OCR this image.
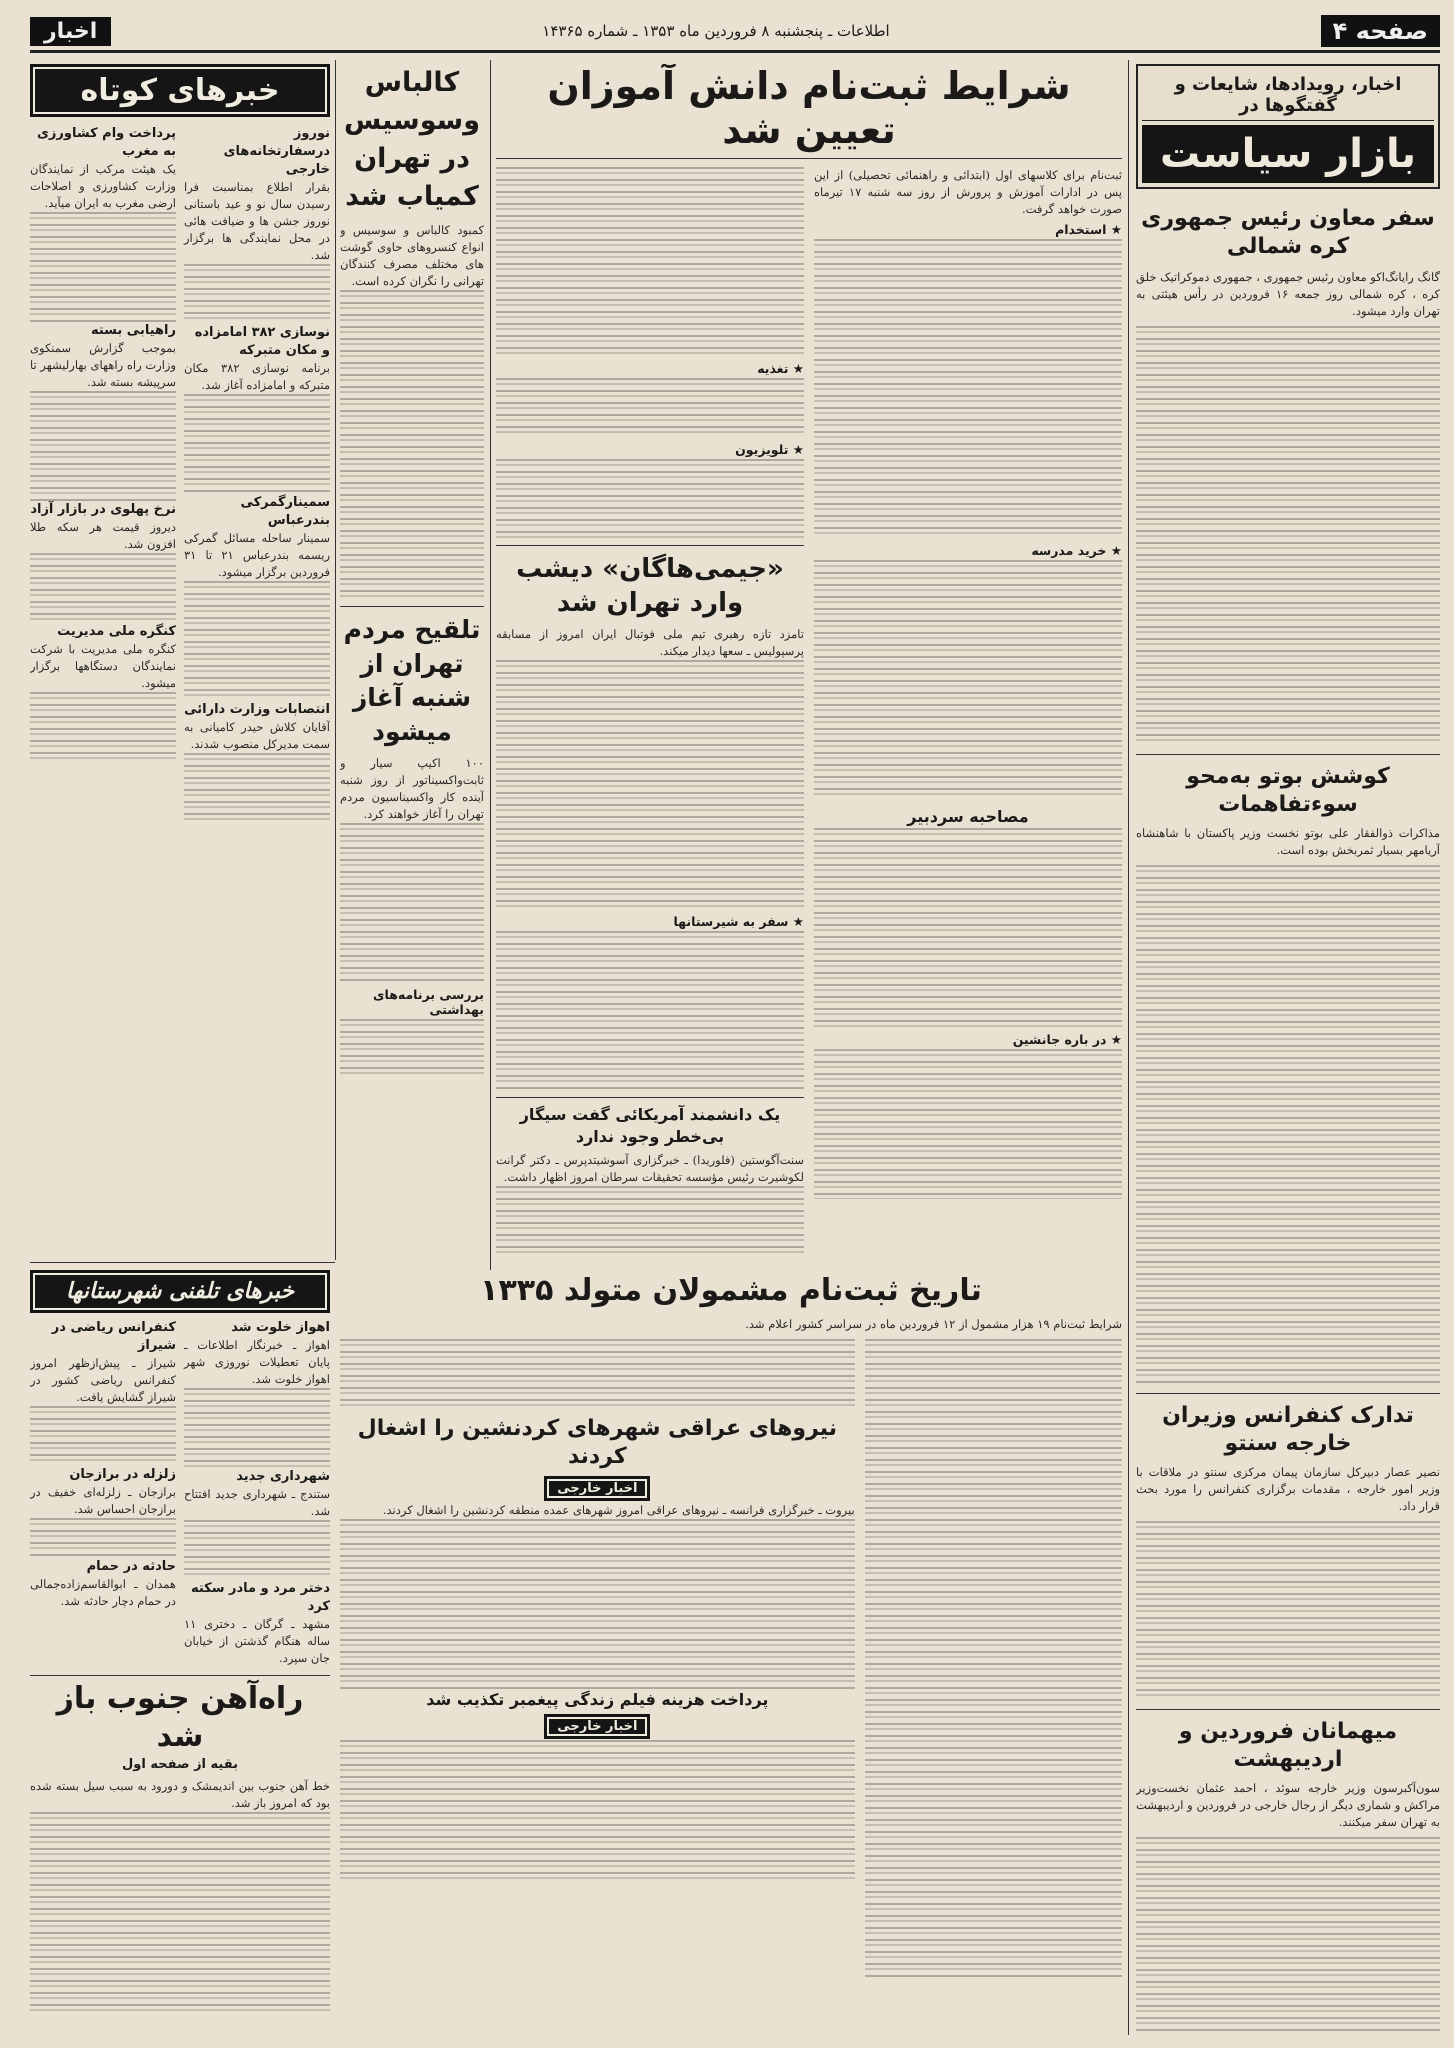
صفحه ۴
اطلاعات ـ پنجشنبه ۸ فروردین ماه ۱۳۵۳ ـ شماره ۱۴۳۶۵
اخبار
اخبار، رویدادها، شایعات و گفتگوها در
بازار سیاست
سفر معاون رئیس جمهوری کره شمالی
گانگ رایانگ‌اکو معاون رئیس جمهوری ، جمهوری دموکراتیک خلق کره ، کره شمالی روز جمعه ۱۶ فروردین در رأس هیئتی به تهران وارد میشود.
کوشش بوتو به‌محو سوءتفاهمات
مذاکرات ذوالفقار علی بوتو نخست وزیر پاکستان با شاهنشاه آریامهر بسیار ثمربخش بوده است.
تدارک کنفرانس وزیران خارجه سنتو
نصیر عصار دبیرکل سازمان پیمان مرکزی سنتو در ملاقات با وزیر امور خارجه ، مقدمات برگزاری کنفرانس را مورد بحث قرار داد.
میهمانان فروردین و اردیبهشت
سون‌آکبرسون وزیر خارجه سوئد ، احمد عثمان نخست‌وزیر مراکش و شماری دیگر از رجال خارجی در فروردین و اردیبهشت به تهران سفر میکنند.
شرایط ثبت‌نام دانش آموزان تعیین شد
ثبت‌نام برای کلاسهای اول (ابتدائی و راهنمائی تحصیلی) از این پس در ادارات آموزش و پرورش از روز سه شنبه ۱۷ تیرماه صورت خواهد گرفت.
★ استخدام
★ خرید مدرسه
مصاحبه سردبیر
★ در باره جانشین
★ تغذیه
★ تلویزیون
«جیمی‌هاگان» دیشب وارد تهران شد
تامزد تازه رهبری تیم ملی فوتبال ایران امروز از مسابقه پرسپولیس ـ سعها دیدار میکند.
★ سفر به شیرستانها
یک دانشمند آمریکائی گفت سیگار بی‌خطر وجود ندارد
سنت‌آگوستین (فلوریدا) ـ خبرگزاری آسوشیتدپرس ـ دکتر گرانت لکوشیرت رئیس مؤسسه تحقیقات سرطان امروز اظهار داشت.
تاریخ ثبت‌نام مشمولان متولد ۱۳۳۵
شرایط ثبت‌نام ۱۹ هزار مشمول از ۱۲ فروردین ماه در سراسر کشور اعلام شد.
نیروهای عراقی شهرهای کردنشین را اشغال کردند
اخبار خارجی
بیروت ـ خبرگزاری فرانسه ـ نیروهای عراقی امروز شهرهای عمده منطقه کردنشین را اشغال کردند.
پرداخت هزینه فیلم زندگی پیغمبر تکذیب شد
اخبار خارجی
کالباس وسوسیس در تهران کمیاب شد
کمبود کالباس و سوسیس و انواع کنسروهای حاوی گوشت های مختلف مصرف کنندگان تهرانی را نگران کرده است.
تلقیح مردم تهران از شنبه آغاز میشود
۱۰۰ اکیپ سیار و ثابت‌واکسیناتور از روز شنبه آینده کار واکسیناسیون مردم تهران را آغاز خواهند کرد.
بررسی برنامه‌های بهداشتی
خبرهای کوتاه
نوروز درسفارتخانه‌های خارجی
بقرار اطلاع بمناسبت فرا رسیدن سال نو و عید باستانی نوروز جشن ها و ضیافت هائی در محل نمایندگی ها برگزار شد.
نوسازی ۳۸۲ امامزاده و مکان متبرکه
برنامه نوسازی ۳۸۲ مکان متبرکه و امامزاده آغاز شد.
سمینارگمرکی بندرعباس
سمینار ساحله مسائل گمرکی ریسمه بندرعباس ۲۱ تا ۳۱ فروردین برگزار میشود.
انتصابات وزارت دارائی
آقایان کلاش حیدر کامیانی به سمت مدیرکل منصوب شدند.
پرداخت وام کشاورزی به مغرب
یک هیئت مرکب از نمایندگان وزارت کشاورزی و اصلاحات ارضی مغرب به ایران میآید.
راهیابی بسته
بموجب گزارش سمنکوی وزارت راه راههای بهارلیشهر تا سرپیشه بسته شد.
نرخ پهلوی در بازار آزاد
دیروز قیمت هر سکه طلا افزون شد.
کنگره ملی مدیریت
کنگره ملی مدیریت با شرکت نمایندگان دستگاهها برگزار میشود.
خبرهای تلفنی شهرستانها
اهواز خلوت شد
اهواز ـ خبرنگار اطلاعات ـ پایان تعطیلات نوروزی شهر اهواز خلوت شد.
شهرداری جدید
ستندج ـ شهرداری جدید افتتاح شد.
دختر مرد و مادر سکته کرد
مشهد ـ گرگان ـ دختری ۱۱ ساله هنگام گذشتن از خیابان جان سپرد.
کنفرانس ریاضی در شیراز
شیراز ـ پیش‌ازظهر امروز کنفرانس ریاضی کشور در شیراز گشایش یافت.
زلزله در برازجان
برازجان ـ زلزله‌ای خفیف در برازجان احساس شد.
حادثه در حمام
همدان ـ ابوالقاسم‌زاده‌جمالی در حمام دچار حادثه شد.
راه‌آهن جنوب باز شد
بقیه از صفحه اول
خط آهن جنوب بین اندیمشک و دورود به سبب سیل بسته شده بود که امروز باز شد.
